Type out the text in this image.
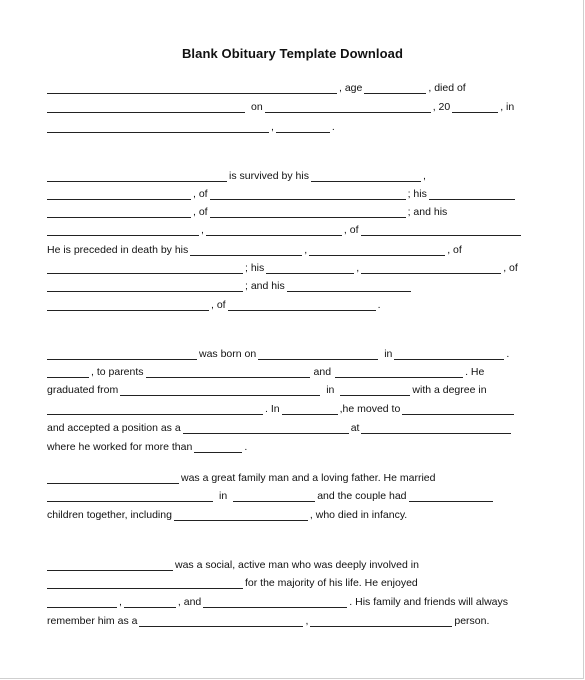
Blank Obituary Template Download
, age	, died of
on	, 20	, in
,	.
is survived by his	,
, of	; his
, of	; and his
,	, of
He is preceded in death by his	,	, of
; his	,	, of
; and his
, of	.
was born on	in	.
, to parents	and	. He
graduated from	in	with a degree in
. In	,he moved to
and accepted a position as a	at
where he worked for more than	.
was a great family man and a loving father. He married
in	and the couple had
children together, including	, who died in infancy.
was a social, active man who was deeply involved in
for the majority of his life. He enjoyed
,	, and	. His family and friends will always
remember him as a	,	person.
